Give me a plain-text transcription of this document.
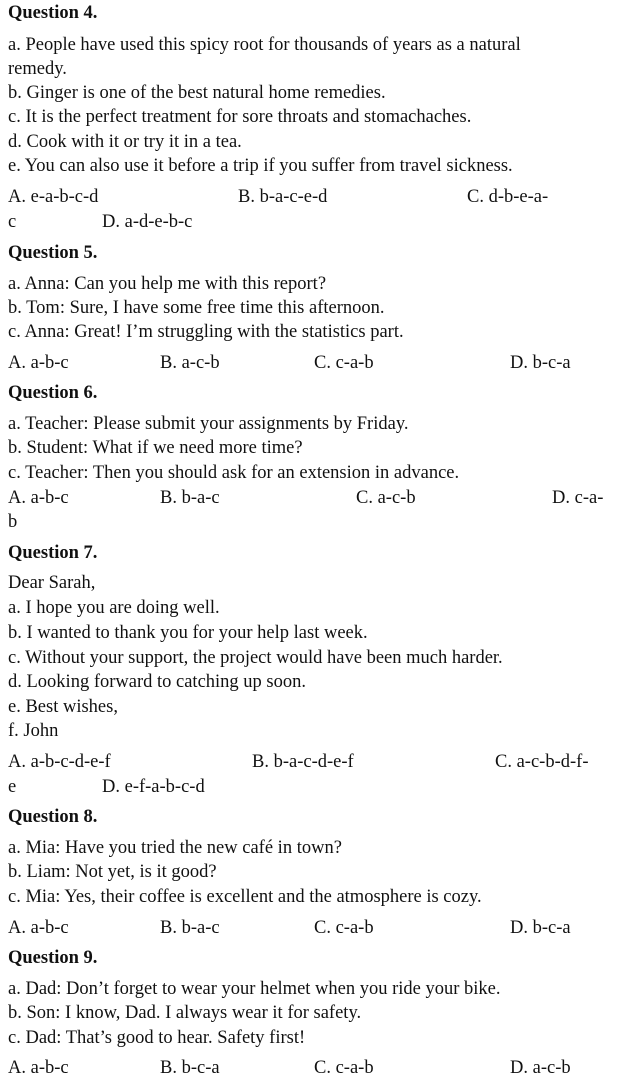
Question 4.
a. People have used this spicy root for thousands of years as a natural
remedy.
b. Ginger is one of the best natural home remedies.
c. It is the perfect treatment for sore throats and stomachaches.
d. Cook with it or try it in a tea.
e. You can also use it before a trip if you suffer from travel sickness.
A. e-a-b-c-d	B. b-a-c-e-d	C. d-b-e-a-
c	D. a-d-e-b-c
Question 5.
a. Anna: Can you help me with this report?
b. Tom: Sure, I have some free time this afternoon.
c. Anna: Great! I’m struggling with the statistics part.
A. a-b-c	B. a-c-b	C. c-a-b	D. b-c-a
Question 6.
a. Teacher: Please submit your assignments by Friday.
b. Student: What if we need more time?
c. Teacher: Then you should ask for an extension in advance.
A. a-b-c	B. b-a-c	C. a-c-b	D. c-a-
b
Question 7.
Dear Sarah,
a. I hope you are doing well.
b. I wanted to thank you for your help last week.
c. Without your support, the project would have been much harder.
d. Looking forward to catching up soon.
e. Best wishes,
f. John
A. a-b-c-d-e-f	B. b-a-c-d-e-f	C. a-c-b-d-f-
e	D. e-f-a-b-c-d
Question 8.
a. Mia: Have you tried the new café in town?
b. Liam: Not yet, is it good?
c. Mia: Yes, their coffee is excellent and the atmosphere is cozy.
A. a-b-c	B. b-a-c	C. c-a-b	D. b-c-a
Question 9.
a. Dad: Don’t forget to wear your helmet when you ride your bike.
b. Son: I know, Dad. I always wear it for safety.
c. Dad: That’s good to hear. Safety first!
A. a-b-c	B. b-c-a	C. c-a-b	D. a-c-b
